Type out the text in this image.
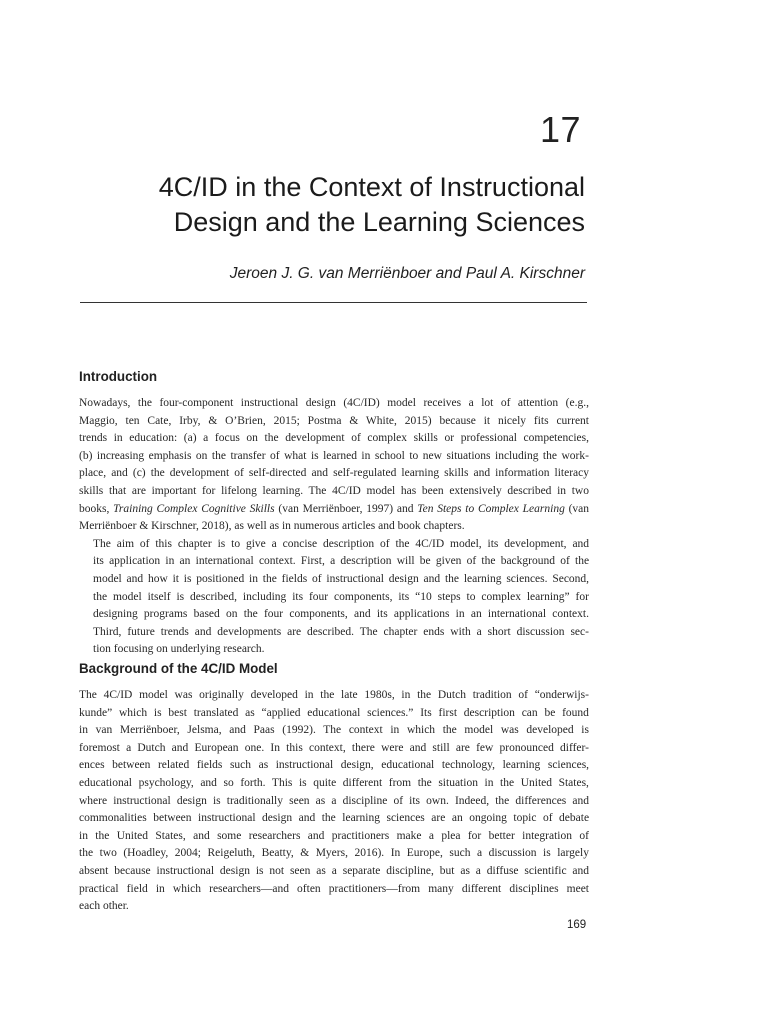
17
4C/ID in the Context of Instructional
Design and the Learning Sciences
Jeroen J. G. van Merriënboer and Paul A. Kirschner
Introduction

Nowadays, the four-component instructional design (4C/ID) model receives a lot of attention (e.g.,
Maggio, ten Cate, Irby, & O’Brien, 2015; Postma & White, 2015) because it nicely fits current
trends in education: (a) a focus on the development of complex skills or professional competencies,
(b) increasing emphasis on the transfer of what is learned in school to new situations including the work-
place, and (c) the development of self-directed and self-regulated learning skills and information literacy
skills that are important for lifelong learning. The 4C/ID model has been extensively described in two
books, Training Complex Cognitive Skills (van Merriënboer, 1997) and Ten Steps to Complex Learning (van
Merriënboer & Kirschner, 2018), as well as in numerous articles and book chapters.

The aim of this chapter is to give a concise description of the 4C/ID model, its development, and
its application in an international context. First, a description will be given of the background of the
model and how it is positioned in the fields of instructional design and the learning sciences. Second,
the model itself is described, including its four components, its “10 steps to complex learning” for
designing programs based on the four components, and its applications in an international context.
Third, future trends and developments are described. The chapter ends with a short discussion sec-
tion focusing on underlying research.

Background of the 4C/ID Model

The 4C/ID model was originally developed in the late 1980s, in the Dutch tradition of “onderwijs-
kunde” which is best translated as “applied educational sciences.” Its first description can be found
in van Merriënboer, Jelsma, and Paas (1992). The context in which the model was developed is
foremost a Dutch and European one. In this context, there were and still are few pronounced differ-
ences between related fields such as instructional design, educational technology, learning sciences,
educational psychology, and so forth. This is quite different from the situation in the United States,
where instructional design is traditionally seen as a discipline of its own. Indeed, the differences and
commonalities between instructional design and the learning sciences are an ongoing topic of debate
in the United States, and some researchers and practitioners make a plea for better integration of
the two (Hoadley, 2004; Reigeluth, Beatty, & Myers, 2016). In Europe, such a discussion is largely
absent because instructional design is not seen as a separate discipline, but as a diffuse scientific and
practical field in which researchers—and often practitioners—from many different disciplines meet
each other.

169
